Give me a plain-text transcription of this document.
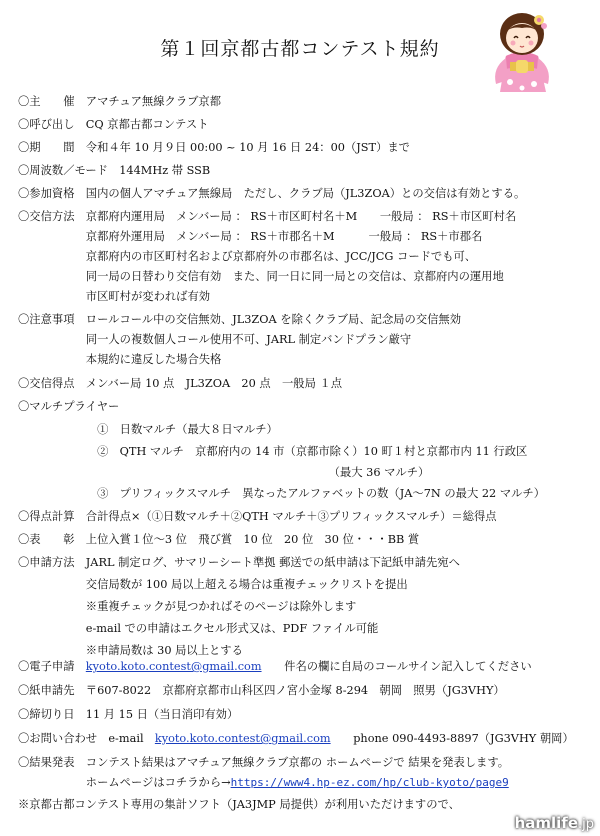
第１回京都古都コンテスト規約
〇主　　催　アマチュア無線クラブ京都
〇呼び出し　CQ 京都古都コンテスト
〇期　　間　令和４年 10 月９日 00:00 ~ 10 月 16 日 24：00（JST）まで
〇周波数／モード　144MHz 帯 SSB
〇参加資格　国内の個人アマチュア無線局　ただし、クラブ局（JL3ZOA）との交信は有効とする。
〇交信方法　京都府内運用局　メンバー局 ： RS＋市区町村名＋M　　一般局 ： RS＋市区町村名
　　　　　　京都府外運用局　メンバー局 ： RS＋市郡名＋M　　　一般局 ： RS＋市郡名
　　　　　　京都府内の市区町村名および京都府外の市郡名は、JCC/JCG コードでも可、
　　　　　　同一局の日替わり交信有効　また、同一日に同一局との交信は、京都府内の運用地
　　　　　　市区町村が変われば有効
〇注意事項　ロールコール中の交信無効、JL3ZOA を除くクラブ局、記念局の交信無効
　　　　　　同一人の複数個人コール使用不可、JARL 制定バンドプラン厳守
　　　　　　本規約に違反した場合失格
〇交信得点　メンバー局 10 点　JL3ZOA　20 点　一般局 １点
〇マルチプライヤー
　　　　　　　①　日数マルチ（最大８日マルチ）
　　　　　　　②　QTH マルチ　京都府内の 14 市（京都市除く）10 町１村と京都市内 11 行政区
　　　　　　　　　　　　　　　　　　　　　　　　　　　　（最大 36 マルチ）
　　　　　　　③　プリフィックスマルチ　異なったアルファベットの数（JA～7N の最大 22 マルチ）
〇得点計算　合計得点×（①日数マルチ＋②QTH マルチ＋③プリフィックスマルチ）＝総得点
〇表　　彰　上位入賞１位～3 位　飛び賞　10 位　20 位　30 位・・・BB 賞
〇申請方法　JARL 制定ログ、サマリーシート準拠 郵送での紙申請は下記紙申請先宛へ
　　　　　　交信局数が 100 局以上超える場合は重複チェックリストを提出
　　　　　　※重複チェックが見つかればそのページは除外します
　　　　　　e-mail での申請はエクセル形式又は、PDF ファイル可能
　　　　　　※申請局数は 30 局以上とする
〇電子申請　kyoto.koto.contest@gmail.com　　件名の欄に自局のコールサイン記入してください
〇紙申請先　〒607-8022　京都府京都市山科区四ノ宮小金塚 8-294　朝岡　照男（JG3VHY）
〇締切り日　11 月 15 日（当日消印有効）
〇お問い合わせ　e-mail　kyoto.koto.contest@gmail.com　　phone 090-4493-8897（JG3VHY 朝岡）
〇結果発表　コンテスト結果はアマチュア無線クラブ京都の ホームページで 結果を発表します。
　　　　　　ホームページはコチラから→https://www4.hp-ez.com/hp/club-kyoto/page9
※京都古都コンテスト専用の集計ソフト（JA3JMP 局提供）が利用いただけますので、
hamlife.jp
